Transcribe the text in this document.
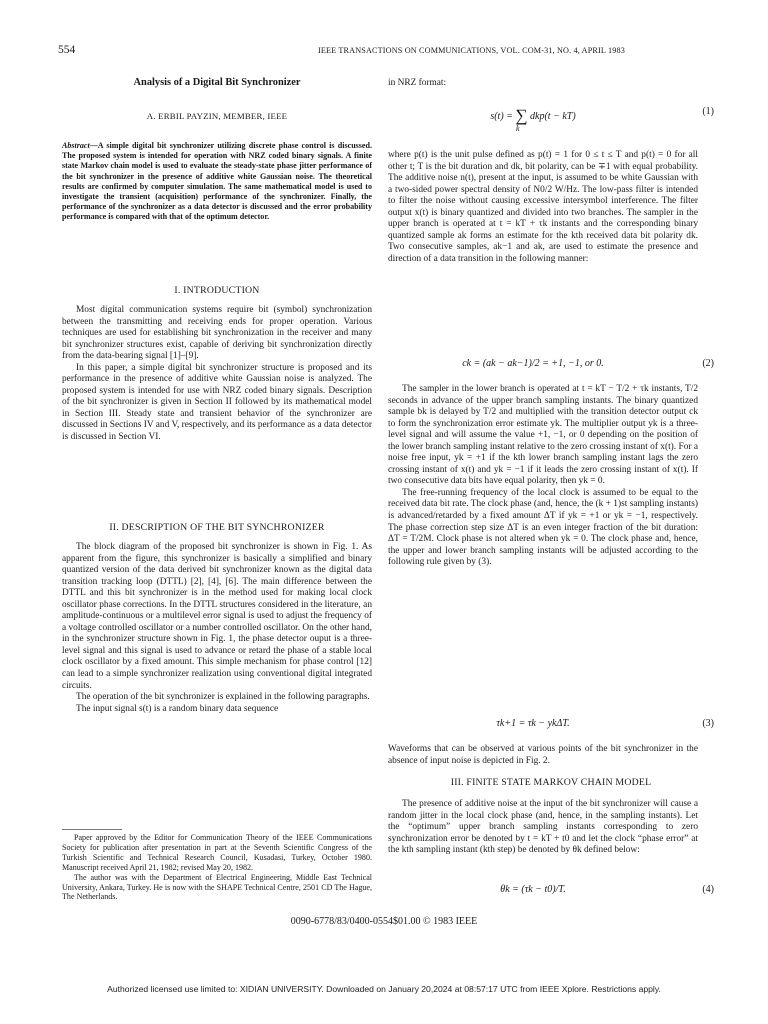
554	IEEE TRANSACTIONS ON COMMUNICATIONS, VOL. COM-31, NO. 4, APRIL 1983
Analysis of a Digital Bit Synchronizer
A. ERBIL PAYZIN, MEMBER, IEEE
Abstract—A simple digital bit synchronizer utilizing discrete phase control is discussed. The proposed system is intended for operation with NRZ coded binary signals. A finite state Markov chain model is used to evaluate the steady-state phase jitter performance of the bit synchronizer in the presence of additive white Gaussian noise. The theoretical results are confirmed by computer simulation. The same mathematical model is used to investigate the transient (acquisition) performance of the synchronizer. Finally, the performance of the synchronizer as a data detector is discussed and the error probability performance is compared with that of the optimum detector.
I. INTRODUCTION

Most digital communication systems require bit (symbol) synchronization between the transmitting and receiving ends for proper operation. Various techniques are used for establishing bit synchronization in the receiver and many bit synchronizer structures exist, capable of deriving bit synchronization directly from the data-bearing signal [1]–[9].

In this paper, a simple digital bit synchronizer structure is proposed and its performance in the presence of additive white Gaussian noise is analyzed. The proposed system is intended for use with NRZ coded binary signals. Description of the bit synchronizer is given in Section II followed by its mathematical model in Section III. Steady state and transient behavior of the synchronizer are discussed in Sections IV and V, respectively, and its performance as a data detector is discussed in Section VI.

II. DESCRIPTION OF THE BIT SYNCHRONIZER

The block diagram of the proposed bit synchronizer is shown in Fig. 1. As apparent from the figure, this synchronizer is basically a simplified and binary quantized version of the data derived bit synchronizer known as the digital data transition tracking loop (DTTL) [2], [4], [6]. The main difference between the DTTL and this bit synchronizer is in the method used for making local clock oscillator phase corrections. In the DTTL structures considered in the literature, an amplitude-continuous or a multilevel error signal is used to adjust the frequency of a voltage controlled oscillator or a number controlled oscillator. On the other hand, in the synchronizer structure shown in Fig. 1, the phase detector ouput is a three-level signal and this signal is used to advance or retard the phase of a stable local clock oscillator by a fixed amount. This simple mechanism for phase control [12] can lead to a simple synchronizer realization using conventional digital integrated circuits.

The operation of the bit synchronizer is explained in the following paragraphs.

The input signal s(t) is a random binary data sequence

Paper approved by the Editor for Communication Theory of the IEEE Communications Society for publication after presentation in part at the Seventh Scientific Congress of the Turkish Scientific and Technical Research Council, Kusadasi, Turkey, October 1980. Manuscript received April 21, 1982; revised May 20, 1982.

The author was with the Department of Electrical Engineering, Middle East Technical University, Ankara, Turkey. He is now with the SHAPE Technical Centre, 2501 CD The Hague, The Netherlands.

in NRZ format:
s(t) = ∑ dkp(t − kT)
k
(1)
where p(t) is the unit pulse defined as p(t) = 1 for 0 ≤ t ≤ T and p(t) = 0 for all other t; T is the bit duration and dk, bit polarity, can be ∓1 with equal probability. The additive noise n(t), present at the input, is assumed to be white Gaussian with a two-sided power spectral density of N0/2 W/Hz. The low-pass filter is intended to filter the noise without causing excessive intersymbol interference. The filter output x(t) is binary quantized and divided into two branches. The sampler in the upper branch is operated at t = kT + τk instants and the corresponding binary quantized sample ak forms an estimate for the kth received data bit polarity dk. Two consecutive samples, ak−1 and ak, are used to estimate the presence and direction of a data transition in the following manner:
ck = (ak − ak−1)/2 = +1, −1, or 0.	(2)

The sampler in the lower branch is operated at t = kT − T/2 + τk instants, T/2 seconds in advance of the upper branch sampling instants. The binary quantized sample bk is delayed by T/2 and multiplied with the transition detector output ck to form the synchronization error estimate yk. The multiplier output yk is a three-level signal and will assume the value +1, −1, or 0 depending on the position of the lower branch sampling instant relative to the zero crossing instant of x(t). For a noise free input, yk = +1 if the kth lower branch sampling instant lags the zero crossing instant of x(t) and yk = −1 if it leads the zero crossing instant of x(t). If two consecutive data bits have equal polarity, then yk = 0.

The free-running frequency of the local clock is assumed to be equal to the received data bit rate. The clock phase (and, hence, the (k + 1)st sampling instants) is advanced/retarded by a fixed amount ΔT if yk = +1 or yk = −1, respectively. The phase correction step size ΔT is an even integer fraction of the bit duration: ΔT = T/2M. Clock phase is not altered when yk = 0. The clock phase and, hence, the upper and lower branch sampling instants will be adjusted according to the following rule given by (3).

τk+1 = τk − ykΔT.	(3)
Waveforms that can be observed at various points of the bit synchronizer in the absence of input noise is depicted in Fig. 2.
III. FINITE STATE MARKOV CHAIN MODEL

The presence of additive noise at the input of the bit synchronizer will cause a random jitter in the local clock phase (and, hence, in the sampling instants). Let the “optimum” upper branch sampling instants corresponding to zero synchronization error be denoted by t = kT + t0 and let the clock “phase error” at the kth sampling instant (kth step) be denoted by θk defined below:

θk = (τk − t0)/T.	(4)
0090-6778/83/0400-0554$01.00 © 1983 IEEE
Authorized licensed use limited to: XIDIAN UNIVERSITY. Downloaded on January 20,2024 at 08:57:17 UTC from IEEE Xplore. Restrictions apply.
